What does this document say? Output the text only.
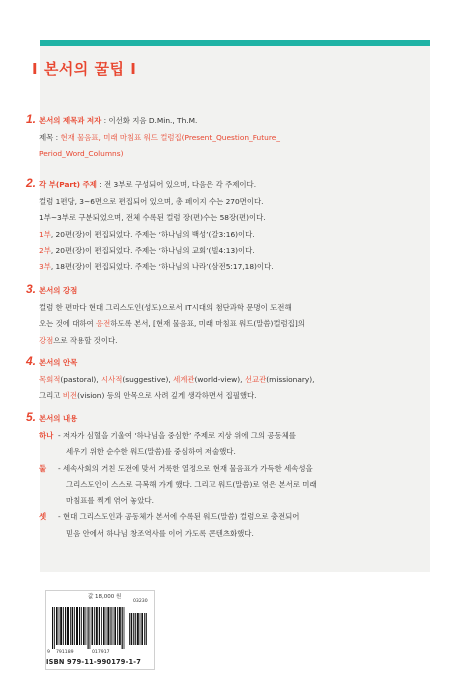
I 본서의 꿀팁 I
1. 본서의 제목과 저자 : 이선화 지음 D.Min., Th.M.
제목 : 현재 물음표, 미래 마침표 워드 컬럼집(Present_Question_Future_
Period_Word_Columns)
2. 각 부(Part) 주제 : 전 3부로 구성되어 있으며, 다음은 각 주제이다.
컬럼 1편당, 3~6면으로 편집되어 있으며, 총 페이지 수는 270면이다.
1부~3부로 구분되었으며, 전체 수록된 컬럼 장(편)수는 58장(편)이다.
1부, 20편(장)이 편집되었다. 주제는 ‘하나님의 백성’(갈3:16)이다.
2부, 20편(장)이 편집되었다. 주제는 ‘하나님의 교회’(빌4:13)이다.
3부, 18편(장)이 편집되었다. 주제는 ‘하나님의 나라’(삼전5:17,18)이다.
3. 본서의 강점
컬럼 한 편마다 현대 그리스도인(성도)으로서 IT시대의 첨단과학 문명이 도전해
오는 것에 대하여 응전하도록 본서, [현재 물음표, 미래 마침표 워드(말씀)컬럼집]의
강점으로 작용할 것이다.
4. 본서의 안목
목회적(pastoral), 시사적(suggestive), 세계관(world-view), 선교관(missionary),
그리고 비전(vision) 등의 안목으로 사려 깊게 생각하면서 집필했다.
5. 본서의 내용
하나 - 저자가 심혈을 기울여 ‘하나님을 중심한’ 주제로 지상 위에 그의 공동체를
세우기 위한 순수한 워드(말씀)를 중심하여 저술했다.
둘 - 세속사회의 거친 도전에 맞서 거룩한 열정으로 현재 물음표가 가득한 세속성을
그리스도인이 스스로 극복해 가게 했다. 그리고 워드(말씀)로 엮은 본서로 미래
마침표를 찍게 엮어 놓았다.
셋 - 현대 그리스도인과 공동체가 본서에 수록된 워드(말씀) 컬럼으로 충전되어
믿음 안에서 하나님 창조역사를 이어 가도록 콘텐츠화했다.
값 18,000 원
03230
9 791189	017917
ISBN 979-11-990179-1-7
